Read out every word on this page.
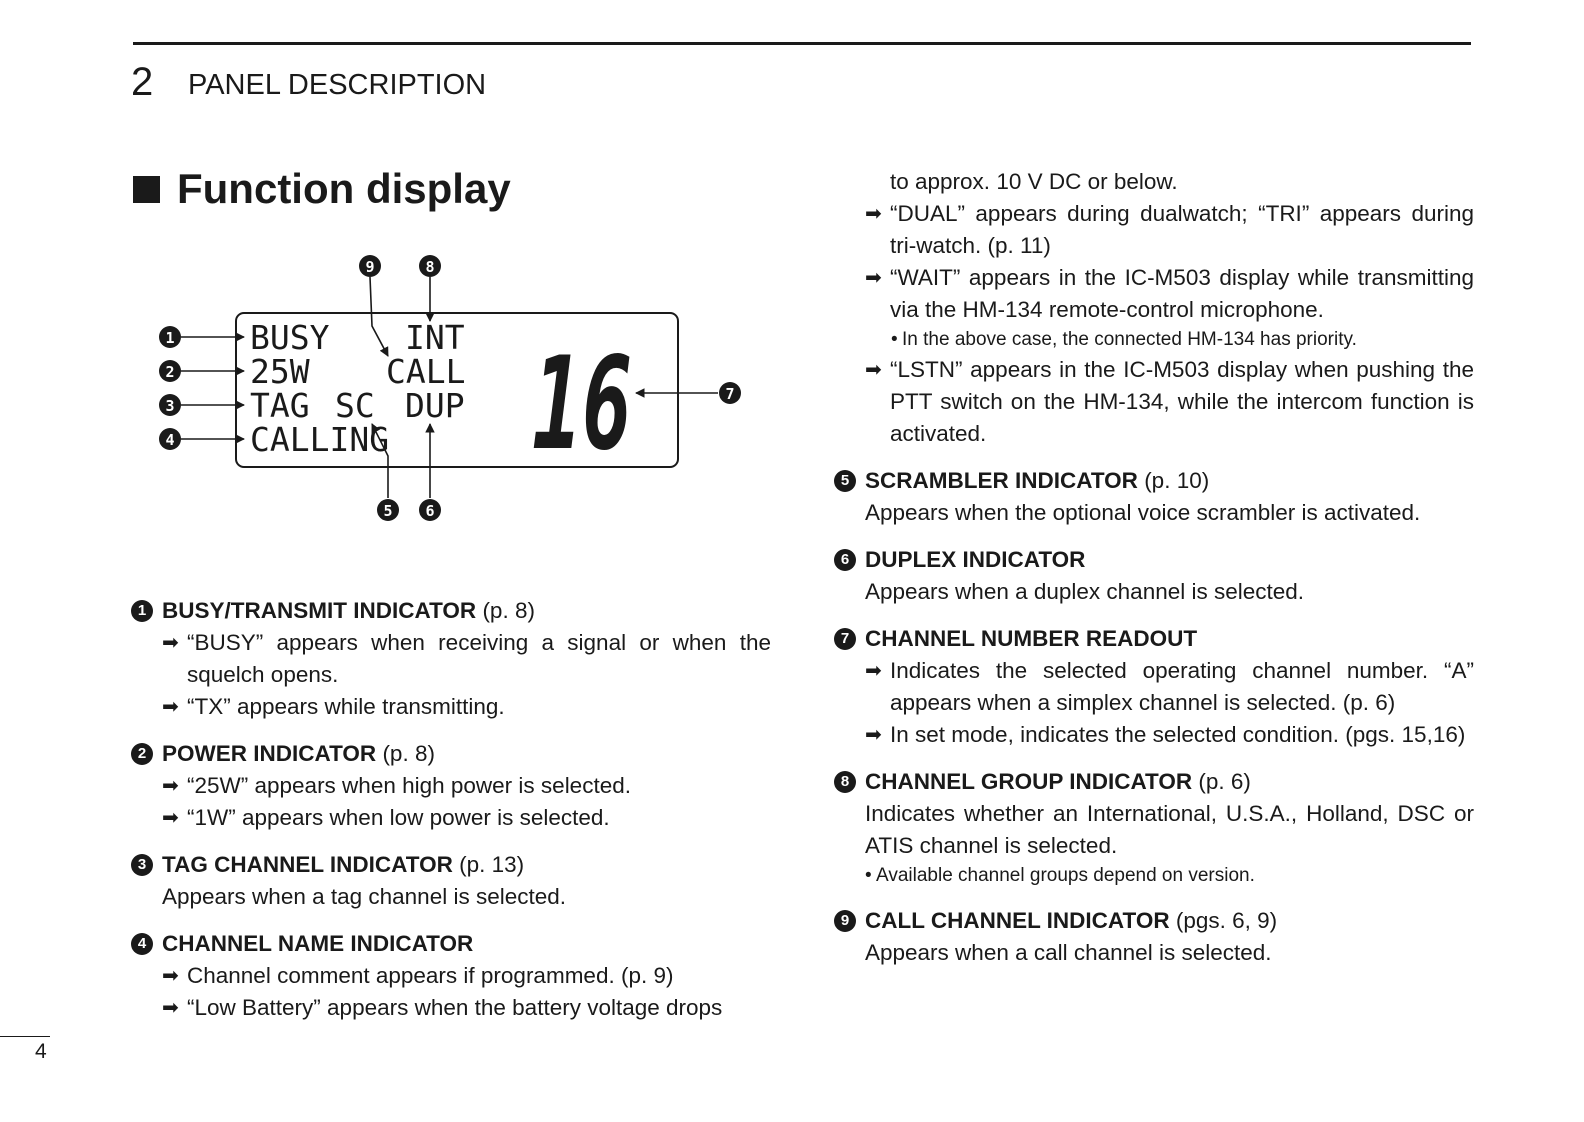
2 PANEL DESCRIPTION
Function display
BUSY INT
25W CALL
TAG SC DUP
CALLING 16
1
2
3
4
5 6
7
8
9
1 BUSY/TRANSMIT INDICATOR (p. 8)
➡ “BUSY” appears when receiving a signal or when the squelch opens.
➡ “TX” appears while transmitting.
2 POWER INDICATOR (p. 8)
➡ “25W” appears when high power is selected.
➡ “1W” appears when low power is selected.
3 TAG CHANNEL INDICATOR (p. 13)
Appears when a tag channel is selected.
4 CHANNEL NAME INDICATOR
➡ Channel comment appears if programmed. (p. 9)
➡ “Low Battery” appears when the battery voltage drops
to approx. 10 V DC or below.
➡ “DUAL” appears during dualwatch; “TRI” appears during tri-watch. (p. 11)
➡ “WAIT” appears in the IC-M503 display while transmitting via the HM-134 remote-control microphone.
• In the above case, the connected HM-134 has priority.
➡ “LSTN” appears in the IC-M503 display when pushing the PTT switch on the HM-134, while the intercom function is activated.
5 SCRAMBLER INDICATOR (p. 10)
Appears when the optional voice scrambler is activated.
6 DUPLEX INDICATOR
Appears when a duplex channel is selected.
7 CHANNEL NUMBER READOUT
➡ Indicates the selected operating channel number. “A” appears when a simplex channel is selected. (p. 6)
➡ In set mode, indicates the selected condition. (pgs. 15,16)
8 CHANNEL GROUP INDICATOR (p. 6)
Indicates whether an International, U.S.A., Holland, DSC or ATIS channel is selected.
• Available channel groups depend on version.
9 CALL CHANNEL INDICATOR (pgs. 6, 9)
Appears when a call channel is selected.
4
